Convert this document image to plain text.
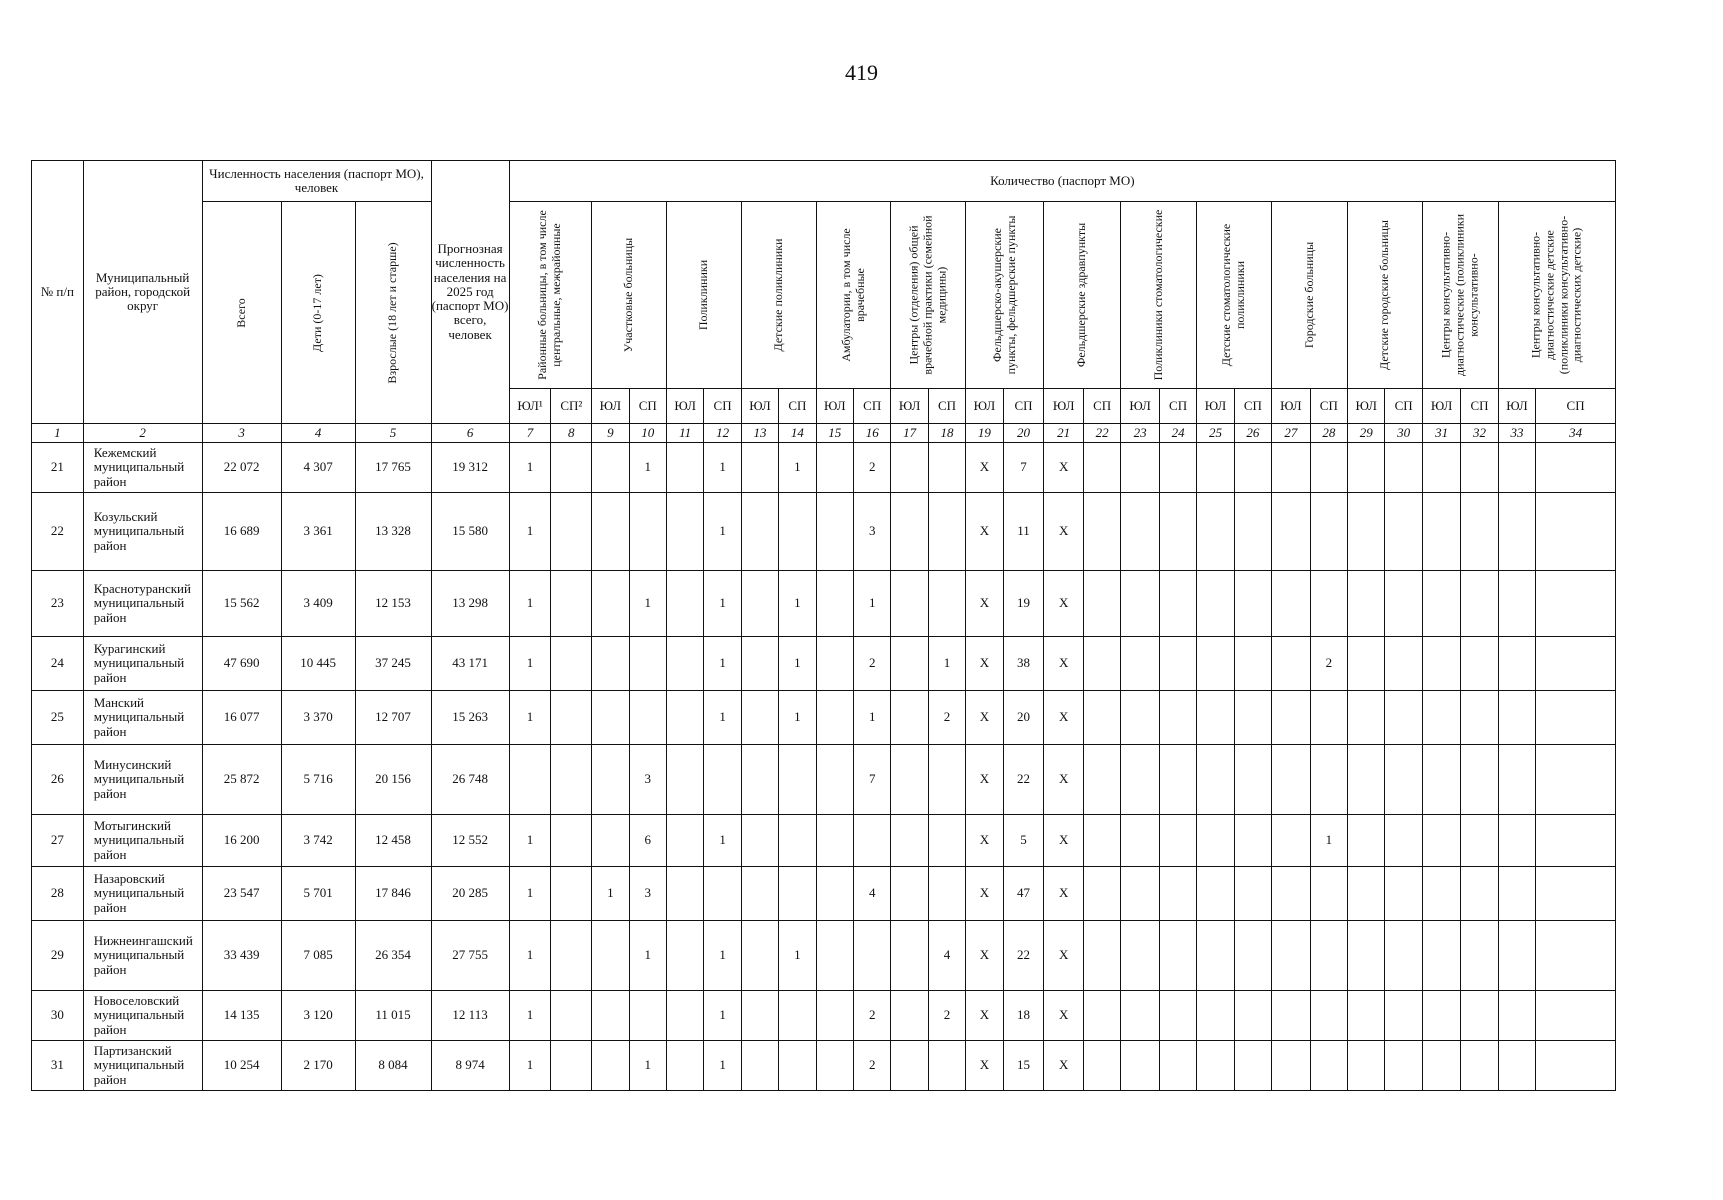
419
№ п/п	Муниципальный район, городской округ	Численность населения (паспорт МО), человек			Прогнозная численность населения на 2025 год (паспорт МО) всего, человек	Количество (паспорт МО)																											

		Всего	Дети (0-17 лет)	Взрослые (18 лет и старше)		Районные больницы, в том числе центральные, межрайонные		Участковые больницы		Поликлиники		Детские поликлиники		Амбулатории, в том числе врачебные		Центры (отделения) общей врачебной практики (семейной медицины)		Фельдшерско-акушерские пункты, фельдшерские пункты		Фельдшерские здравпункты		Поликлиники стоматологические		Детские стоматологические поликлиники		Городские больницы		Детские городские больницы		Центры консультативно-диагностические (поликлиники консультативно-		Центры консультативно-диагностические детские (поликлиники консультативно-диагностических детские)	

						ЮЛ¹	СП²	ЮЛ	СП	ЮЛ	СП	ЮЛ	СП	ЮЛ	СП	ЮЛ	СП	ЮЛ	СП	ЮЛ	СП	ЮЛ	СП	ЮЛ	СП	ЮЛ	СП	ЮЛ	СП	ЮЛ	СП	ЮЛ	СП
1	2	3	4	5	6	7	8	9	10	11	12	13	14	15	16	17	18	19	20	21	22	23	24	25	26	27	28	29	30	31	32	33	34
21	Кежемский муниципальный район	22 072	4 307	17 765	19 312	1			1		1		1		2			X	7	X													
22	Козульский муниципальный район	16 689	3 361	13 328	15 580	1					1				3			X	11	X													
23	Краснотуранский муниципальный район	15 562	3 409	12 153	13 298	1			1		1		1		1			X	19	X													
24	Курагинский муниципальный район	47 690	10 445	37 245	43 171	1					1		1		2		1	X	38	X							2						
25	Манский муниципальный район	16 077	3 370	12 707	15 263	1					1		1		1		2	X	20	X													
26	Минусинский муниципальный район	25 872	5 716	20 156	26 748				3						7			X	22	X													
27	Мотыгинский муниципальный район	16 200	3 742	12 458	12 552	1			6		1							X	5	X							1						
28	Назаровский муниципальный район	23 547	5 701	17 846	20 285	1		1	3						4			X	47	X													
29	Нижнеингашский муниципальный район	33 439	7 085	26 354	27 755	1			1		1		1				4	X	22	X													
30	Новоселовский муниципальный район	14 135	3 120	11 015	12 113	1					1				2		2	X	18	X													
31	Партизанский муниципальный район	10 254	2 170	8 084	8 974	1			1		1				2			X	15	X													
